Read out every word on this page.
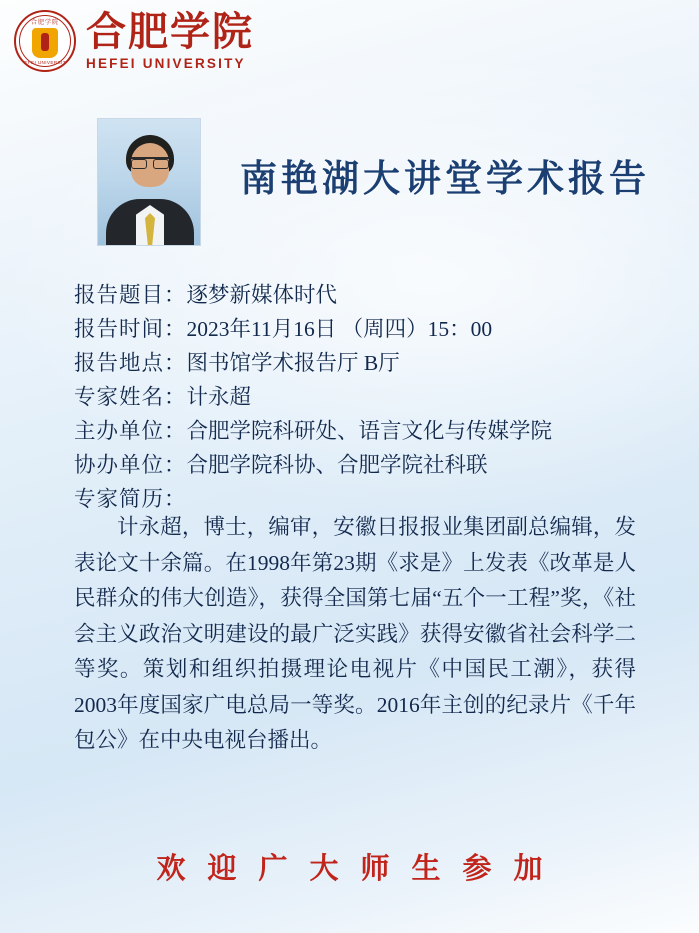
合肥学院
HEFEI UNIVERSITY
合肥学院
HEFEI UNIVERSITY
南艳湖大讲堂学术报告
报告题目：逐梦新媒体时代
报告时间：2023年11月16日 （周四）15：00
报告地点：图书馆学术报告厅 B厅
专家姓名：计永超
主办单位：合肥学院科研处、语言文化与传媒学院
协办单位：合肥学院科协、合肥学院社科联
专家简历：
计永超，博士，编审，安徽日报报业集团副总编辑，发表论文十余篇。在1998年第23期《求是》上发表《改革是人民群众的伟大创造》，获得全国第七届“五个一工程”奖，《社会主义政治文明建设的最广泛实践》获得安徽省社会科学二等奖。策划和组织拍摄理论电视片《中国民工潮》，获得2003年度国家广电总局一等奖。2016年主创的纪录片《千年包公》在中央电视台播出。
欢迎广大师生参加
